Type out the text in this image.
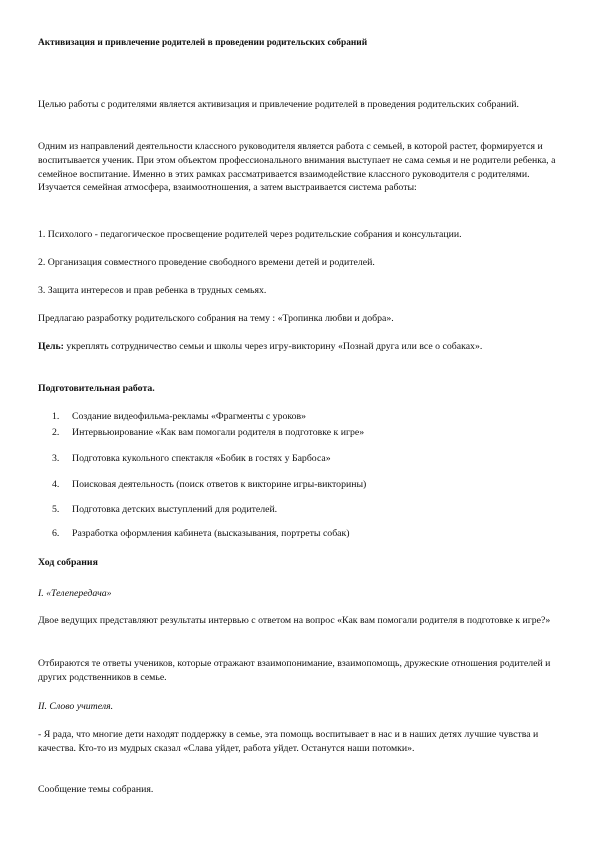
Активизация и привлечение родителей в проведении родительских собраний
Целью работы с родителями является активизация и привлечение родителей в проведения родительских собраний.
Одним из направлений деятельности классного руководителя является работа с семьей, в которой растет, формируется и воспитывается ученик. При этом объектом профессионального внимания выступает не сама семья и не родители ребенка, а семейное воспитание. Именно в этих рамках рассматривается взаимодействие классного руководителя с родителями. Изучается семейная атмосфера, взаимоотношения, а затем выстраивается система работы:
1. Психолого - педагогическое просвещение родителей через родительские собрания и консультации.
2. Организация совместного проведение свободного времени детей и родителей.
3. Защита интересов и прав ребенка в трудных семьях.
Предлагаю разработку родительского собрания на тему : «Тропинка любви и добра».
Цель: укреплять сотрудничество семьи и школы через игру-викторину «Познай друга или все о собаках».
Подготовительная работа.
1. Создание видеофильма-рекламы «Фрагменты с уроков»
2. Интервьюирование «Как вам помогали родителя в подготовке к игре»
3. Подготовка кукольного спектакля «Бобик в гостях у Барбоса»
4. Поисковая деятельность (поиск ответов к викторине игры-викторины)
5. Подготовка детских выступлений для родителей.
6. Разработка оформления кабинета (высказывания, портреты собак)
Ход собрания
I. «Телепередача»
Двое ведущих представляют результаты интервью с ответом на вопрос «Как вам помогали родителя в подготовке к игре?»
Отбираются те ответы учеников, которые отражают взаимопонимание, взаимопомощь, дружеские отношения родителей и других родственников в семье.
II. Слово учителя.
- Я рада, что многие дети находят поддержку в семье, эта помощь воспитывает в нас и в наших детях лучшие чувства и качества. Кто-то из мудрых сказал «Слава уйдет, работа уйдет. Останутся наши потомки».
Сообщение темы собрания.
